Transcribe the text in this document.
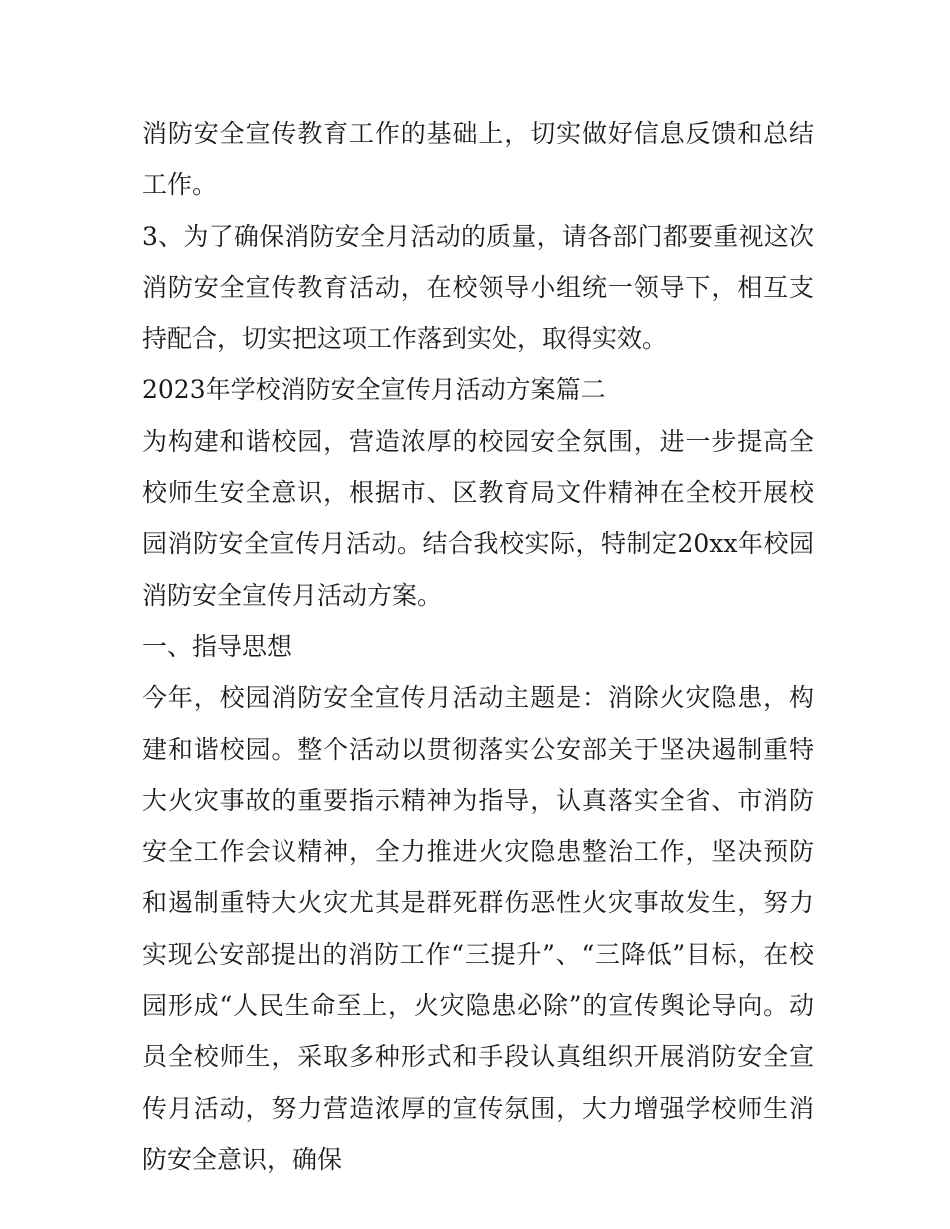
消防安全宣传教育工作的基础上，切实做好信息反馈和总结工作。

3、为了确保消防安全月活动的质量，请各部门都要重视这次消防安全宣传教育活动，在校领导小组统一领导下，相互支持配合，切实把这项工作落到实处，取得实效。

2023年学校消防安全宣传月活动方案篇二

为构建和谐校园，营造浓厚的校园安全氛围，进一步提高全校师生安全意识，根据市、区教育局文件精神在全校开展校园消防安全宣传月活动。结合我校实际，特制定20xx年校园消防安全宣传月活动方案。

一、指导思想

今年，校园消防安全宣传月活动主题是：消除火灾隐患，构建和谐校园。整个活动以贯彻落实公安部关于坚决遏制重特大火灾事故的重要指示精神为指导，认真落实全省、市消防安全工作会议精神，全力推进火灾隐患整治工作，坚决预防和遏制重特大火灾尤其是群死群伤恶性火灾事故发生，努力实现公安部提出的消防工作“三提升”、“三降低”目标，在校园形成“人民生命至上，火灾隐患必除”的宣传舆论导向。动员全校师生，采取多种形式和手段认真组织开展消防安全宣传月活动，努力营造浓厚的宣传氛围，大力增强学校师生消防安全意识，确保
